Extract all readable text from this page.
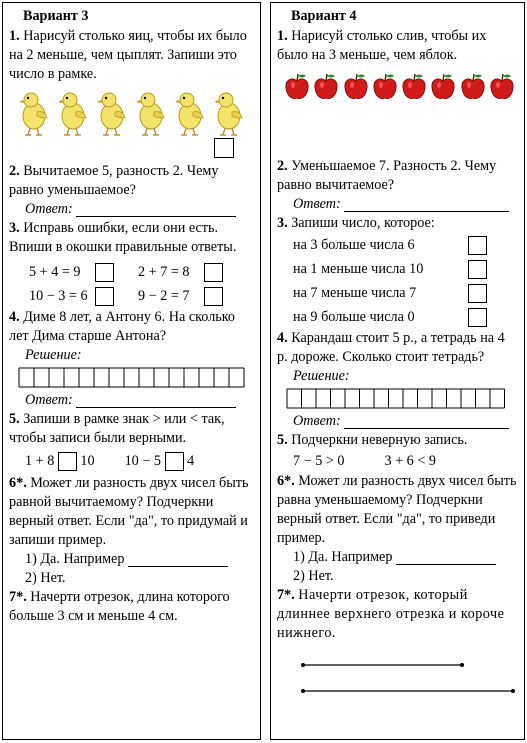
Вариант 3
1. Нарисуй столько яиц, чтобы их было на 2 меньше, чем цыплят. Запиши это число в рамке.
2. Вычитаемое 5, разность 2. Чему равно уменьшаемое?
Ответ:

3. Исправь ошибки, если они есть. Впиши в окошки правильные ответы.
5 + 4 = 9	2 + 7 = 8
10 − 3 = 6	9 − 2 = 7
4. Диме 8 лет, а Антону 6. На сколько лет Дима старше Антона?
Решение:
Ответ:

5. Запиши в рамке знак > или < так, чтобы записи были верными.
1 + 8

10 10 − 5

4
6*. Может ли разность двух чисел быть равной вычитаемому? Подчеркни верный ответ. Если "да", то придумай и запиши пример.
1) Да. Например

2) Нет.
7*. Начерти отрезок, длина которого больше 3 см и меньше 4 см.
Вариант 4
1. Нарисуй столько слив, чтобы их было на 3 меньше, чем яблок.
2. Уменьшаемое 7. Разность 2. Чему равно вычитаемое?
Ответ:

3. Запиши число, которое:
на 3 больше числа 6
на 1 меньше числа 10
на 7 меньше числа 7
на 9 больше числа 0
4. Карандаш стоит 5 р., а тетрадь на 4 р. дороже. Сколько стоит тетрадь?
Решение:
Ответ:

5. Подчеркни неверную запись.
7 − 5 > 0	3 + 6 < 9
6*. Может ли разность двух чисел быть равна уменьшаемому? Подчеркни верный ответ. Если "да", то приведи пример.
1) Да. Например

2) Нет.
7*. Начерти отрезок, который длиннее верхнего отрезка и короче нижнего.
